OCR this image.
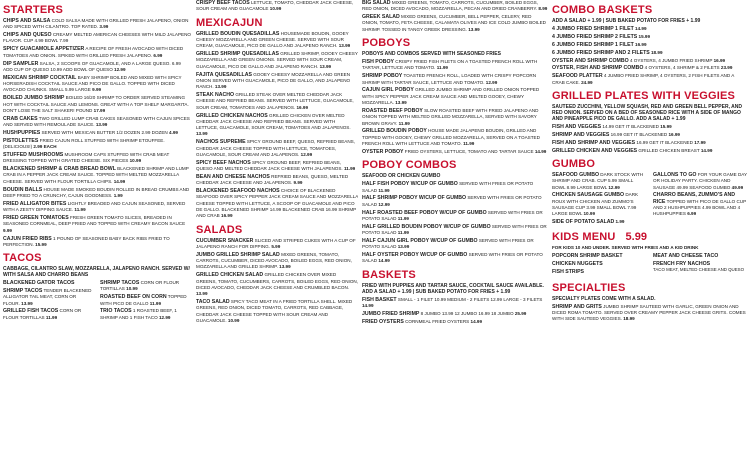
STARTERS
CHIPS AND SALSA COLD SALSA MADE WITH GRILLED FRESH JALAPENO, ONION AND SPICED WITH CILANTRO. TOP RATED. 3.99
CHIPS AND QUESO CREAMY MELTED AMERICAN CHEESES WITH MILD JALAPENO FLAVOR. CUP 4.99 BOWL 7.99
SPICY GUACAMOLE APPETIZER A RECIPE OF FRESH AVOCADO WITH DICED TOMATOES AND ONION. SPIKED WITH GRILLED FRESH JALAPENO. 6.99
DIP SAMPLER SALSA, 2 SCOOPS OF GUACAMOLE, AND A LARGE QUESO. 6.99 ADD CUP OF QUESO 10.99 ADD BOWL OF QUESO 12.99
MEXICAN SHRIMP COCKTAIL BABY SHRIMP BOILED AND MIXED WITH SPICY HORSERADISH COCKTAIL SAUCE AND PICO DE GALLO. TOPPED WITH DICED AVOCADO CHUNKS. SMALL 5.99 LARGE 9.99
BOILED JUMBO SHRIMP BOILED 16/20 SHRIMP TO ORDER SERVED STEAMING HOT WITH COCKTAIL SAUCE AND LEMONS. GREAT WITH A TOP SHELF MARGARITA. DON'T LOSE THE SALT SHAKER! POUND 17.99
CRAB CAKES TWO GRILLED LUMP CRAB CAKES SEASONED WITH CAJUN SPICES AND SERVED WITH REMOULADE SAUCE. 13.99
HUSHPUPPIES SERVED WITH MEXICAN BUTTER 1/2 DOZEN 2.99 DOZEN 4.99
PISTOLETTES FRIED CAJUN ROLL STUFFED WITH SHRIMP ETOUFFEE. (DELICIOUS!) 2.99 EACH
STUFFED MUSHROOMS MUSHROOM CAPS STUFFED WITH CRAB MEAT DRESSING TOPPED WITH GRATED CHEESE. SIX PIECES 10.99
BLACKENED SHRIMP & CRAB BREAD BOWL BLACKENED SHRIMP AND LUMP CRAB IN A PEPPER JACK CREAM SAUCE. TOPPED WITH MELTED MOZZARELLA CHEESE. SERVED WITH FLOUR TORTILLA CHIPS. 14.99
BOUDIN BALLS HOUSE MADE SMOKED BOUDIN ROLLED IN BREAD CRUMBS AND DEEP FRIED TO A CRUNCHY, CAJUN GOODNESS. 1.99
FRIED ALLIGATOR BITES LIGHTLY BREADED AND CAJUN SEASONED, SERVED WITH A ZESTY DIPPING SAUCE. 11.99
FRIED GREEN TOMATOES FRESH GREEN TOMATO SLICES, BREADED IN SEASONED CORNMEAL, DEEP FRIED AND TOPPED WITH CREAMY BACON SAUCE 9.99
CAJUN FRIED RIBS 1 POUND OF SEASONED BABY BACK RIBS FRIED TO PERFECTION. 15.99
TACOS
CABBAGE, CILANTRO SLAW, MOZZARELLA, JALAPENO RANCH. SERVED W/ WITH SALSA AND CHARRO BEANS
BLACKENED GATOR TACOS
SHRIMP TACOS TENDER BLACKENED ALLIGATOR TAIL MEAT, CORN OR FLOUR. 13.99
GRILLED FISH TACOS CORN OR FLOUR TORTILLAS 11.99
SHRIMP TACOS CORN OR FLOUR TORTILLAS 10.99
ROASTED BEEF ON CORN TOPPED WITH PICO DE GALLO 11.99
TRIO TACOS 1 ROASTED BEEF, 1 SHRIMP AND 1 FISH TACO 12.99
CRISPY BEEF TACOS LETTUCE, TOMATO, CHEDDAR JACK CHEESE, SOUR CREAM AND GUACAMOLE 10.99
MEXICAJUN
GRILLED BOUDIN QUESADILLAS HOUSEMADE BOUDIN, GOOEY CHEESY MOZZARELLA AND GREEN CHEESE. SERVED WITH SOUR CREAM, GUACAMOLE, PICO DE GALLO AND JALAPENO RANCH. 13.99
GRILLED SHRIMP QUESADILLAS GRILLED SHRIMP, GOOEY CHEESY MOZZARELLA AND GREEN ONIONS. SERVED WITH SOUR CREAM, GUACAMOLE, PICO DE GALLO AND JALAPENO RANCH. 13.99
FAJITA QUESADILLAS GOOEY CHEESY MOZZARELLA AND GREEN ONION SERVED WITH GUACAMOLE, PICO DE GALLO, AND JALAPENO RANCH. 13.99
STEAK NACHO GRILLED STEAK OVER MELTED CHEDDAR JACK CHEESE AND REFRIED BEANS. SERVED WITH LETTUCE, GUACAMOLE, SOUR CREAM, TOMATOES AND JALAPENOS. 16.99
GRILLED CHICKEN NACHOS GRILLED CHICKEN OVER MELTED CHEDDAR JACK CHEESE AND REFRIED BEANS. SERVED WITH LETTUCE, GUACAMOLE, SOUR CREAM, TOMATOES AND JALAPENOS. 13.99
NACHOS SUPREME SPICY GROUND BEEF, QUESO, REFRIED BEANS, CHEDDAR JACK CHEESE TOPPED WITH LETTUCE, TOMATOES, GUACAMOLE, SOUR CREAM AND JALAPENOS. 12.99
SPICY BEEF NACHOS SPICY GROUND BEEF, REFRIED BEANS, QUESO AND MELTED CHEDDAR JACK CHEESE WITH JALAPENOS. 11.99
BEAN AND CHEESE NACHOS REFRIED BEANS, QUESO, MELTED CHEDDAR JACK CHEESE AND JALAPENOS. 9.99
BLACKENED SEAFOOD NACHOS CHOICE OF BLACKENED SEAFOOD OVER SPICY PEPPER JACK CREAM SAUCE AND MOZZARELLA CHEESE TOPPED WITH LETTUCE, A SCOOP OF GUACAMOLE AND PICO DE GALLO. BLACKENED SHRIMP 14.99 BLACKENED CRAB 16.99 SHRIMP AND CRAB 16.99
SALADS
CUCUMBER SNACKER SLICED AND STRIPED CUKES WITH A CUP OF JALAPENO RANCH FOR DIPPING. 5.99
JUMBO GRILLED SHRIMP SALAD MIXED GREENS, TOMATO, CARROTS, CUCUMBER, DICED AVOCADO, BOILED EGGS, RED ONION, MOZZARELLA AND GRILLED SHRIMP. 13.99
GRILLED CHICKEN SALAD GRILLED CHICKEN OVER MIXED GREENS, TOMATO, CUCUMBERS, CARROTS, BOILED EGGS, RED ONION, DICED AVOCADO, CHEDDAR JACK CHEESE AND CRUMBLED BACON. 13.99
TACO SALAD SPICY TACO MEAT IN A FRIED TORTILLA SHELL. MIXED GREENS, RED ONION, DICED TOMATO, CARROTS, RED CABBAGE, CHEDDAR JACK CHEESE TOPPED WITH SOUR CREAM AND GUACAMOLE. 10.99
BIG SALAD MIXED GREENS, TOMATO, CARROTS, CUCUMBER, BOILED EGGS, RED ONION, DICED AVOCADO, MOZZARELLA, PECAN AND DRIED CRANBERRY. 8.99
GREEK SALAD MIXED GREENS, CUCUMBER, BELL PEPPER, CELERY, RED ONION, TOMATO, FETA CHEESE, CALAMATA OLIVES AND ICE COLD JUMBO BOILED SHRIMP. TOSSED IN TANGY GREEK DRESSING. 13.99
POBOYS
POBOYS AND COMBOS SERVED WITH SEASONED FRIES
FISH POBOY CRISPY FRIED FISH FILETS ON A TOASTED FRENCH ROLL WITH TARTAR, LETTUCE AND TOMATO. 11.99
SHRIMP POBOY TOASTED FRENCH ROLL, LOADED WITH CRISPY POPCORN SHRIMP WITH TARTAR SAUCE, LETTUCE AND TOMATO. 12.99
CAJUN GIRL POBOY GRILLED JUMBO SHRIMP AND GRILLED ONION TOPPED WITH SPICY PEPPER JACK CREAM SAUCE AND MELTED GOOEY, CHEWY MOZZARELLA. 13.99
ROASTED BEEF POBOY SLOW ROASTED BEEF WITH FRIED JALAPENO AND ONION TOPPED WITH MELTED GRILLED MOZZARELLA, SERVED WITH SAVORY BROWN GRAVY. 11.99
GRILLED BOUDIN POBOY HOUSE MADE JALAPENO BOUDIN, GRILLED AND TOPPED WITH GOOEY, CHEWY GRILLED MOZZARELLA, SERVED ON A TOASTED FRENCH ROLL WITH LETTUCE AND TOMATO. 11.99
OYSTER POBOY FRIED OYSTERS, LETTUCE, TOMATO AND TARTAR SAUCE 14.99
POBOY COMBOS
SEAFOOD OR CHICKEN GUMBO
HALF FISH POBOY W/CUP OF GUMBO SERVED WITH FRIES OR POTATO SALAD 11.99
HALF SHRIMP POBOY W/CUP OF GUMBO SERVED WITH FRIES OR POTATO SALAD 12.99
HALF ROASTED BEEF POBOY W/CUP OF GUMBO SERVED WITH FRIES OR POTATO SALAD 11.99
HALF GRILLED BOUDIN POBOY W/CUP OF GUMBO SERVED WITH FRIES OR POTATO SALAD 11.99
HALF CAJUN GIRL POBOY W/CUP OF GUMBO SERVED WITH FRIES OR POTATO SALAD 13.99
HALF OYSTER POBOY W/CUP OF GUMBO SERVED WITH FRIES OR POTATO SALAD 14.99
BASKETS
FRIED WITH PUPPIES AND TARTAR SAUCE, COCKTAIL SAUCE AVAILABLE. ADD A SALAD + 1.99 | SUB BAKED POTATO FOR FRIES + 1.99
FISH BASKET SMALL - 1 FILET 10.99 MEDIUM - 2 FILETS 12.99 LARGE - 3 FILETS 14.99
JUMBO FRIED SHRIMP 8 JUMBO 13.99 12 JUMBO 16.99 18 JUMBO 25.99
FRIED OYSTERS CORNMEAL FRIED OYSTERS 14.99
COMBO BASKETS
ADD A SALAD + 1.99 | SUB BAKED POTATO FOR FRIES + 1.99
4 JUMBO FRIED SHRIMP 1 FILET 14.99
4 JUMBO FRIED SHRIMP 2 FILETS 15.99
6 JUMBO FRIED SHRIMP 1 FILET 16.99
6 JUMBO FRIED SHRIMP AND 2 FILETS 18.99
OYSTER AND SHRIMP COMBO 4 OYSTERS, 4 JUMBO FRIED SHRIMP 16.99
OYSTER, FISH AND SHRIMP COMBO 4 OYSTERS, 4 SHRIMP & 2 FILETS 23.99
SEAFOOD PLATTER 4 JUMBO FRIED SHRIMP, 4 OYSTERS, 2 FISH FILETS AND A CRAB CAKE. 24.99
GRILLED PLATES WITH VEGGIES
SAUTEED ZUCCHINI, YELLOW SQUASH, RED AND GREEN BELL PEPPER, AND RED ONION. SERVED ON A BED OF SEASONED RICE WITH A SIDE OF MANGO AND PINEAPPLE PICO DE GALLO. ADD A SALAD + 1.99
FISH AND VEGGIES 14.99 GET IT BLACKENED 15.99
SHRIMP AND VEGGIES 16.99 GET IT BLACKENED 16.99
FISH AND SHRIMP AND VEGGIES 16.99 GET IT BLACKENED 17.99
GRILLED CHICKEN AND VEGGIES GRILLED CHICKEN BREAST 14.99
GUMBO
SEAFOOD GUMBO DARK STOCK WITH SHRIMP AND CRAB. CUP 5.99 SMALL BOWL 8.99 LARGE BOWL 12.99
CHICKEN SAUSAGE GUMBO DARK ROUX WITH CHICKEN AND ZUMMO'S SAUSAGE CUP 3.99 SMALL BOWL 7.99 LARGE BOWL 10.99
SIDE OF POTATO SALAD 1.99
GALLONS TO GO FOR YOUR GAME DAY OR HOLIDAY PARTY. CHICKEN AND SAUSAGE 49.99 SEAFOOD GUMBO 49.99
CHARRO BEANS, ZUMMO'S AND RICE TOPPED WITH PICO DE GALLO CUP AND 2 HUSHPUPPIES 4.99 BOWL AND 4 HUSHPUPPIES 6.99
KIDS MENU 5.99
FOR KIDS 10 AND UNDER. SERVED WITH FRIES AND A KID DRINK
POPCORN SHRIMP BASKET
CHICKEN NUGGETS
FISH STRIPS
MEAT AND CHEESE TACO
FRENCH FRY NACHOS
TACO MEAT, MELTED CHEESE AND QUESO
SPECIALTIES
SPECIALTY PLATES COME WITH A SALAD.
SHRIMP AND GRITS JUMBO SHRIMP SAUTEED WITH GARLIC, GREEN ONION AND DICED ROMA TOMATO. SERVED OVER CREAMY PEPPER JACK CHEESE GRITS. COMES WITH SIDE SAUTEED VEGGIES. 18.99
